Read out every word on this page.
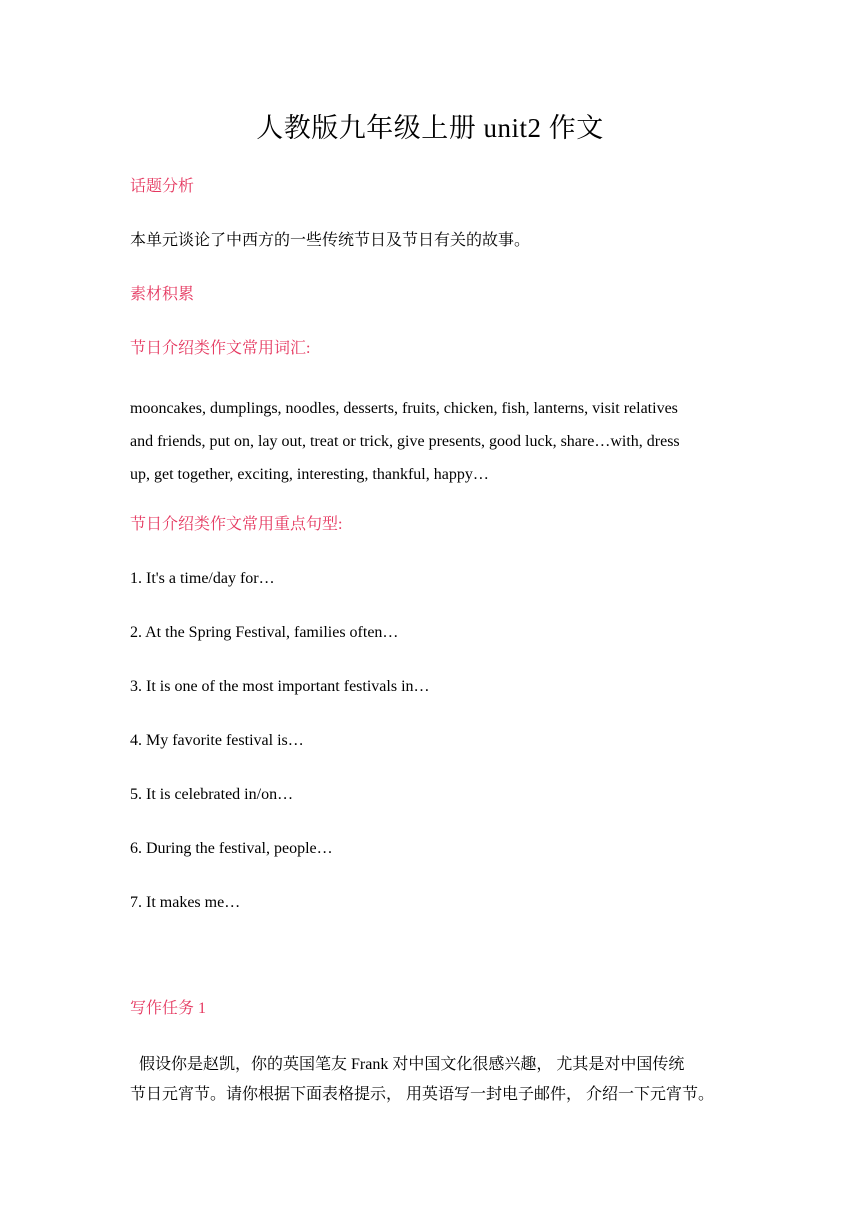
人教版九年级上册 unit2 作文
话题分析
本单元谈论了中西方的一些传统节日及节日有关的故事。
素材积累
节日介绍类作文常用词汇:
mooncakes, dumplings, noodles, desserts, fruits, chicken, fish, lanterns, visit relatives
and friends, put on, lay out, treat or trick, give presents, good luck, share…with, dress
up, get together, exciting, interesting, thankful, happy…
节日介绍类作文常用重点句型:
1. It's a time/day for…
2. At the Spring Festival, families often…
3. It is one of the most important festivals in…
4. My favorite festival is…
5. It is celebrated in/on…
6. During the festival, people…
7. It makes me…
写作任务 1
假设你是赵凯，你的英国笔友 Frank 对中国文化很感兴趣， 尤其是对中国传统
节日元宵节。请你根据下面表格提示， 用英语写一封电子邮件， 介绍一下元宵节。
